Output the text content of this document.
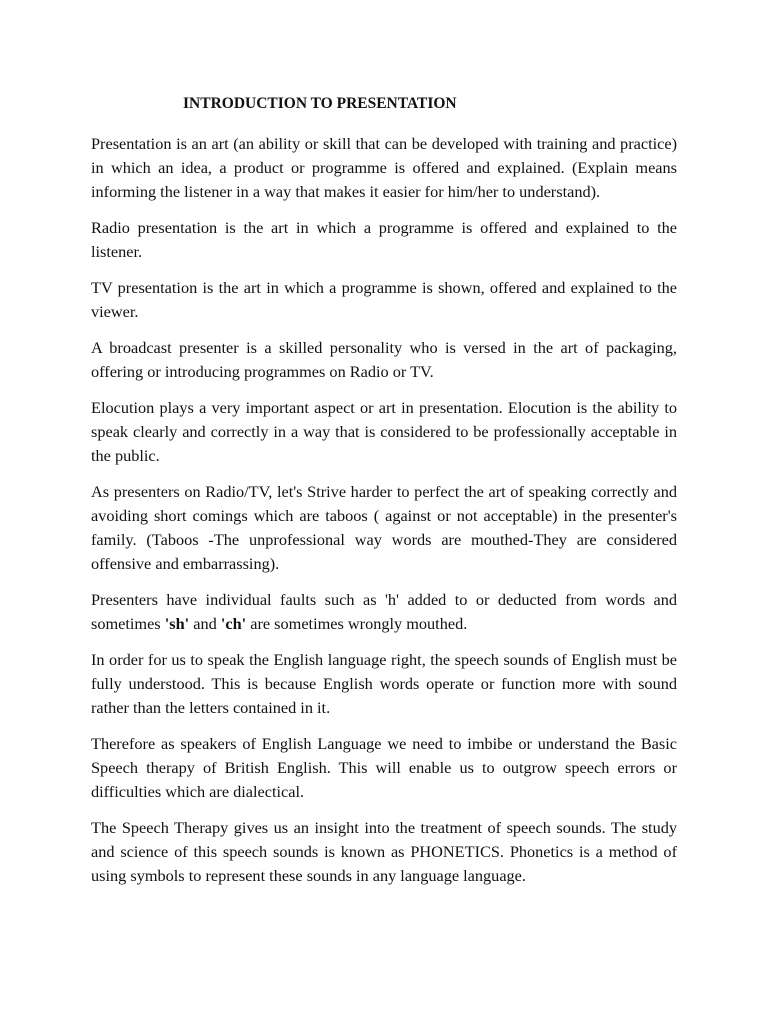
INTRODUCTION TO PRESENTATION

Presentation is an art (an ability or skill that can be developed with training and practice) in which an idea, a product or programme is offered and explained. (Explain means informing the listener in a way that makes it easier for him/her to understand).

Radio presentation is the art in which a programme is offered and explained to the listener.

TV presentation is the art in which a programme is shown, offered and explained to the viewer.

A broadcast presenter is a skilled personality who is versed in the art of packaging, offering or introducing programmes on Radio or TV.

Elocution plays a very important aspect or art in presentation. Elocution is the ability to speak clearly and correctly in a way that is considered to be professionally acceptable in the public.

As presenters on Radio/TV, let's Strive harder to perfect the art of speaking correctly and avoiding short comings which are taboos ( against or not acceptable) in the presenter's family. (Taboos -The unprofessional way words are mouthed-They are considered offensive and embarrassing).

Presenters have individual faults such as 'h' added to or deducted from words and sometimes 'sh' and 'ch' are sometimes wrongly mouthed.

In order for us to speak the English language right, the speech sounds of English must be fully understood. This is because English words operate or function more with sound rather than the letters contained in it.

Therefore as speakers of English Language we need to imbibe or understand the Basic Speech therapy of British English. This will enable us to outgrow speech errors or difficulties which are dialectical.

The Speech Therapy gives us an insight into the treatment of speech sounds. The study and science of this speech sounds is known as PHONETICS. Phonetics is a method of using symbols to represent these sounds in any language language.
